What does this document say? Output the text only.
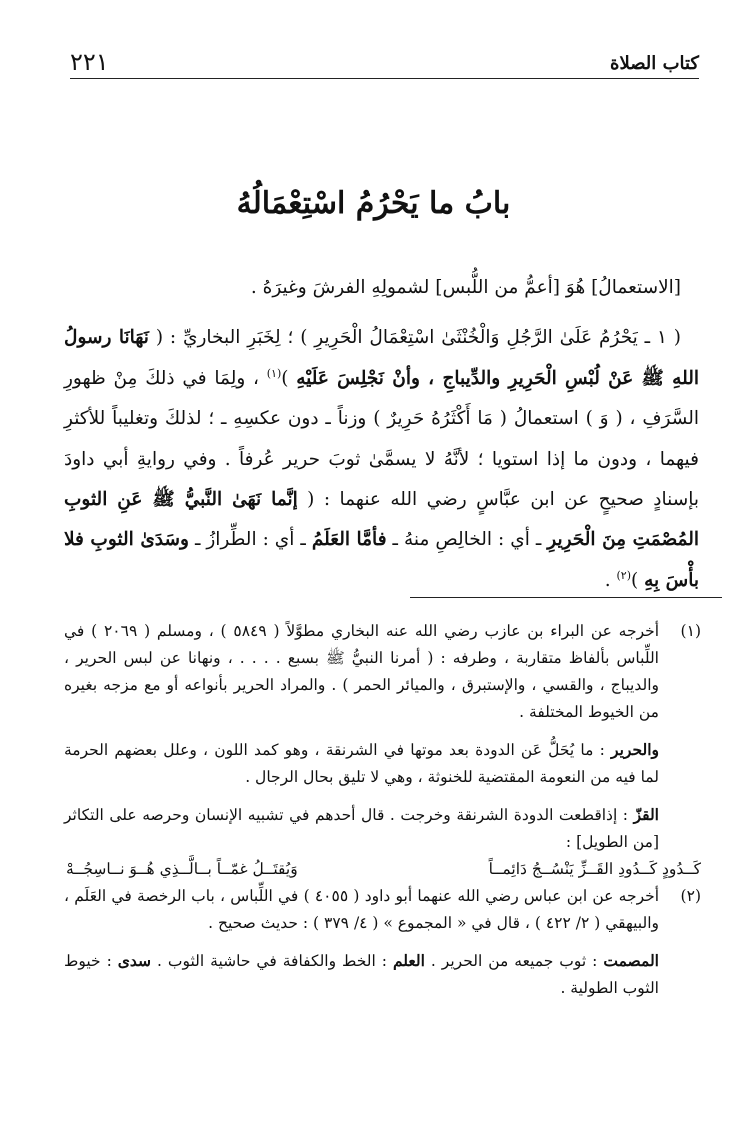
كتاب الصلاة
٢٢١
بابُ ما يَحْرُمُ اسْتِعْمَالُهُ

[الاستعمالُ] هُوَ [أعمُّ من اللُّبس] لشمولِهِ الفرشَ وغيرَهُ .

( ١ ـ يَحْرُمُ عَلَىٰ الرَّجُلِ وَالْخُنْثَىٰ اسْتِعْمَالُ الْحَرِيرِ ) ؛ لِخَبَرِ البخاريِّ : ( نَهَانَا رسولُ اللهِ ﷺ عَنْ لُبْسِ الْحَرِيرِ والدِّيباجِ ، وأنْ نَجْلِسَ عَلَيْهِ )$^{(١)}$ ، ولِمَا في ذلكَ مِنْ ظهورِ السَّرَفِ ، ( وَ ) استعمالُ ( مَا أَكْثَرُهُ حَرِيرٌ ) وزناً ـ دون عكسِهِ ـ ؛ لذلكَ وتغليباً للأكثرِ فيهما ، ودون ما إذا استويا ؛ لأنَّهُ لا يسمَّىٰ ثوبَ حرير عُرفاً . وفي روايةِ أبي داودَ بإسنادٍ صحيحٍ عن ابن عبَّاسٍ رضي الله عنهما : ( إنَّما نَهَىٰ النَّبيُّ ﷺ عَنِ الثوبِ المُصْمَتِ مِنَ الْحَرِيرِ ـ أي : الخالِصِ منهُ ـ فأمَّا العَلَمُ ـ أي : الطِّرازُ ـ وسَدَىٰ الثوبِ فلا بأْسَ بِهِ )$^{(٢)}$ .

(١)
أخرجه عن البراء بن عازب رضي الله عنه البخاري مطوَّلاً ( ٥٨٤٩ ) ، ومسلم ( ٢٠٦٩ ) في اللِّباس بألفاظ متقاربة ، وطرفه : ( أمرنا النبيُّ ﷺ بسبع . . . . ، ونهانا عن لبس الحرير ، والديباج ، والقسي ، والإستبرق ، والميائر الحمر ) . والمراد الحرير بأنواعه أو مع مزجه بغيره من الخيوط المختلفة .

والحرير : ما يُحَلُّ عَن الدودة بعد موتها في الشرنقة ، وهو كمد اللون ، وعلل بعضهم الحرمة لما فيه من النعومة المقتضية للخنوثة ، وهي لا تليق بحال الرجال .

القزّ : إذاقطعت الدودة الشرنقة وخرجت . قال أحدهم في تشبيه الإنسان وحرصه على التكاثر [من الطويل] :

كَــدُودٍ كَــدُودِ القَــزِّ يَنْسُــجُ دَائِمــاً
وَيُقتَــلُ غمّــاً بــالَّــذِي هُــوَ نــاسِجُــهْ
(٢)
أخرجه عن ابن عباس رضي الله عنهما أبو داود ( ٤٠٥٥ ) في اللِّباس ، باب الرخصة في العَلَم ، والبيهقي ( ٢/ ٤٢٢ ) ، قال في « المجموع » ( ٤/ ٣٧٩ ) : حديث صحيح .

المصمت : ثوب جميعه من الحرير . العلم : الخط والكفافة في حاشية الثوب . سدى : خيوط الثوب الطولية .
